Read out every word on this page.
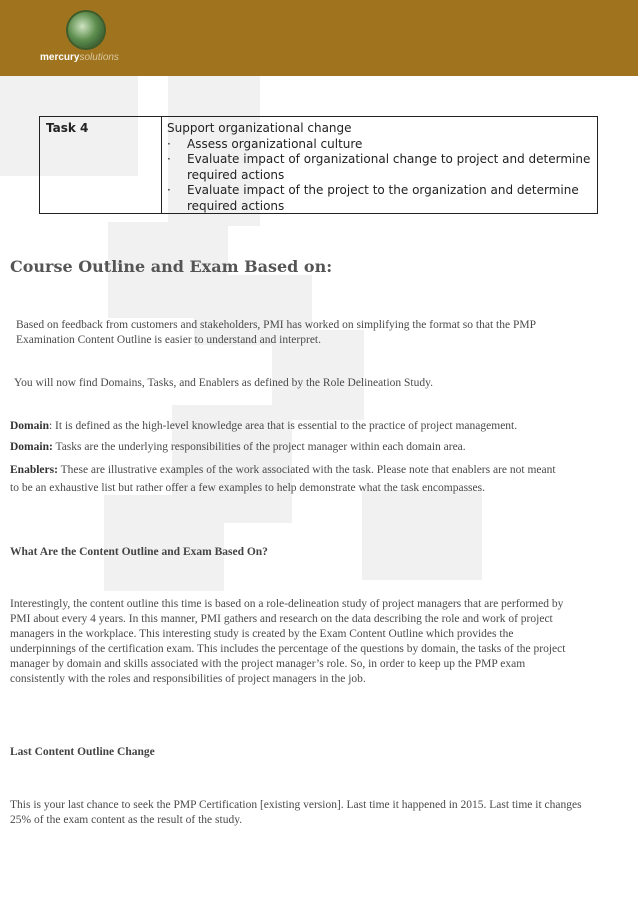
mercurysolutions
Task 4	Support organizational change

· Assess organizational culture
· Evaluate impact of organizational change to project and determine required actions
· Evaluate impact of the project to the organization and determine required actions
Course Outline and Exam Based on:

Based on feedback from customers and stakeholders, PMI has worked on simplifying the format so that the PMP Examination Content Outline is easier to understand and interpret.

You will now find Domains, Tasks, and Enablers as defined by the Role Delineation Study.

Domain: It is defined as the high-level knowledge area that is essential to the practice of project management.

Domain: Tasks are the underlying responsibilities of the project manager within each domain area.

Enablers: These are illustrative examples of the work associated with the task. Please note that enablers are not meant to be an exhaustive list but rather offer a few examples to help demonstrate what the task encompasses.

What Are the Content Outline and Exam Based On?

Interestingly, the content outline this time is based on a role-delineation study of project managers that are performed by PMI about every 4 years. In this manner, PMI gathers and research on the data describing the role and work of project managers in the workplace. This interesting study is created by the Exam Content Outline which provides the underpinnings of the certification exam. This includes the percentage of the questions by domain, the tasks of the project manager by domain and skills associated with the project manager’s role. So, in order to keep up the PMP exam consistently with the roles and responsibilities of project managers in the job.

Last Content Outline Change

This is your last chance to seek the PMP Certification [existing version]. Last time it happened in 2015. Last time it changes 25% of the exam content as the result of the study.
